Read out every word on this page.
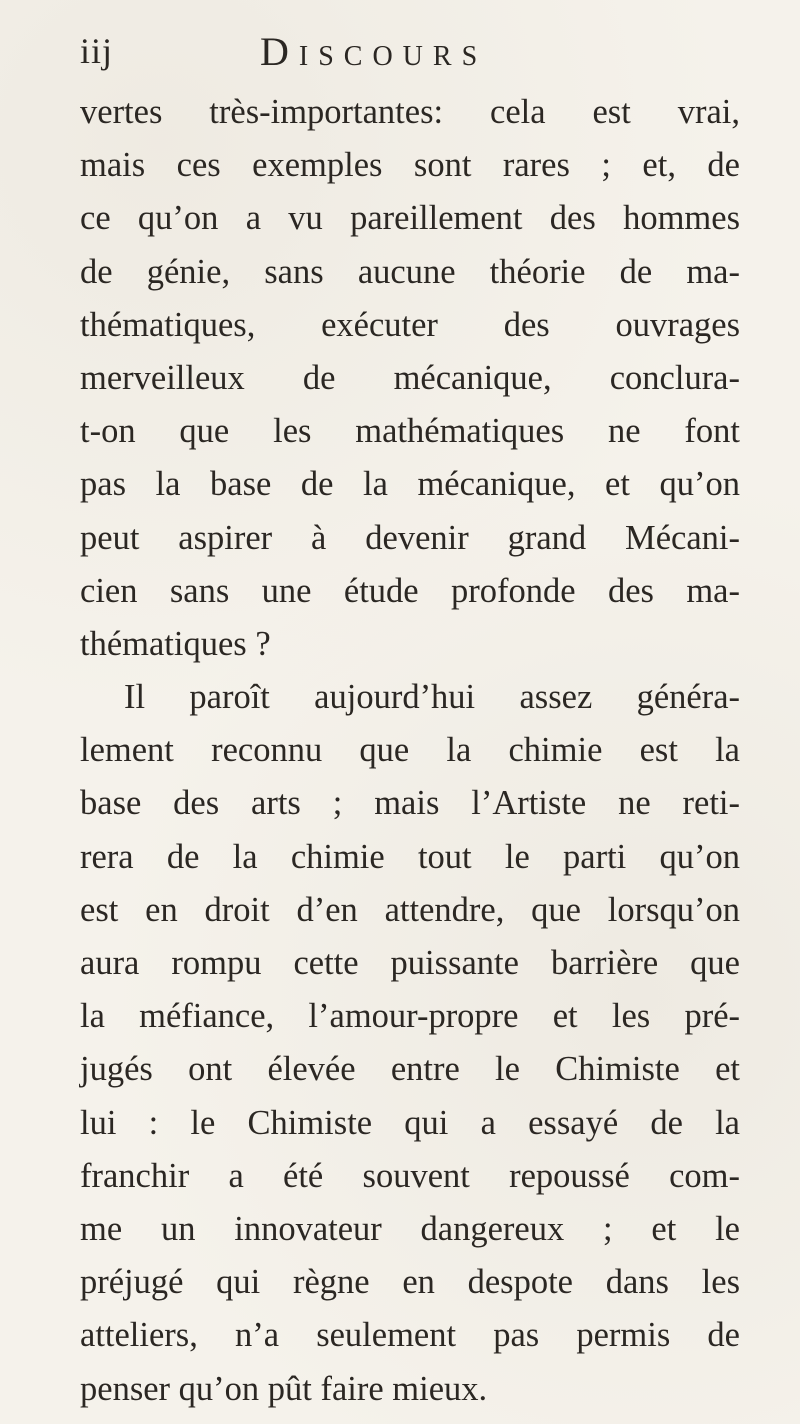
iij	Discours
vertes très-importantes: cela est vrai,
mais ces exemples sont rares ; et, de
ce qu’on a vu pareillement des hommes
de génie, sans aucune théorie de ma-
thématiques, exécuter des ouvrages
merveilleux de mécanique, conclura-
t-on que les mathématiques ne font
pas la base de la mécanique, et qu’on
peut aspirer à devenir grand Mécani-
cien sans une étude profonde des ma-
thématiques ?
Il paroît aujourd’hui assez généra-
lement reconnu que la chimie est la
base des arts ; mais l’Artiste ne reti-
rera de la chimie tout le parti qu’on
est en droit d’en attendre, que lorsqu’on
aura rompu cette puissante barrière que
la méfiance, l’amour-propre et les pré-
jugés ont élevée entre le Chimiste et
lui : le Chimiste qui a essayé de la
franchir a été souvent repoussé com-
me un innovateur dangereux ; et le
préjugé qui règne en despote dans les
atteliers, n’a seulement pas permis de
penser qu’on pût faire mieux.
